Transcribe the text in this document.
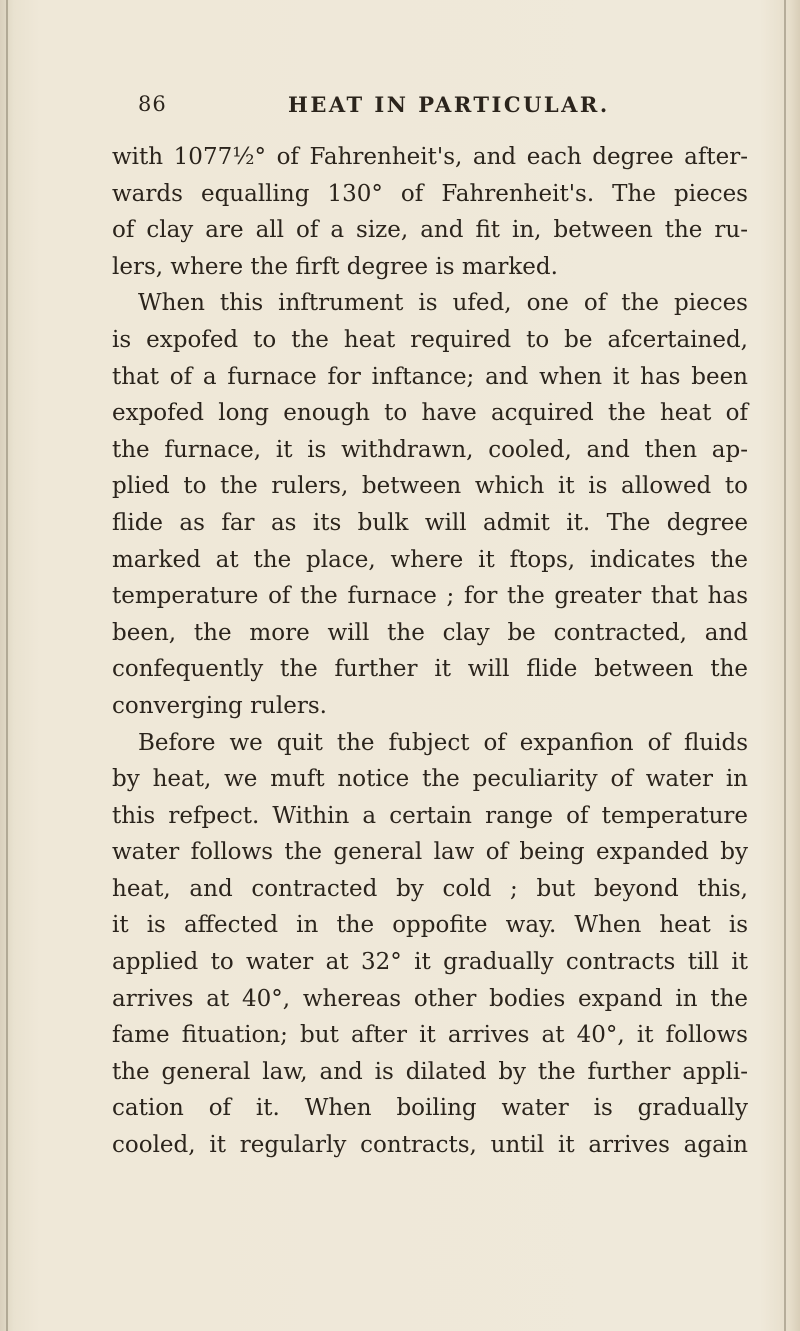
86	HEAT IN PARTICULAR.
with 1077½° of Fahrenheit's, and each degree after-
wards equalling 130° of Fahrenheit's. The pieces
of clay are all of a size, and fit in, between the ru-
lers, where the firft degree is marked.
When this inftrument is ufed, one of the pieces
is expofed to the heat required to be afcertained,
that of a furnace for inftance; and when it has been
expofed long enough to have acquired the heat of
the furnace, it is withdrawn, cooled, and then ap-
plied to the rulers, between which it is allowed to
flide as far as its bulk will admit it. The degree
marked at the place, where it ftops, indicates the
temperature of the furnace ; for the greater that has
been, the more will the clay be contracted, and
confequently the further it will flide between the
converging rulers.
Before we quit the fubject of expanfion of fluids
by heat, we muft notice the peculiarity of water in
this refpect. Within a certain range of temperature
water follows the general law of being expanded by
heat, and contracted by cold ; but beyond this,
it is affected in the oppofite way. When heat is
applied to water at 32° it gradually contracts till it
arrives at 40°, whereas other bodies expand in the
fame fituation; but after it arrives at 40°, it follows
the general law, and is dilated by the further appli-
cation of it. When boiling water is gradually
cooled, it regularly contracts, until it arrives again
